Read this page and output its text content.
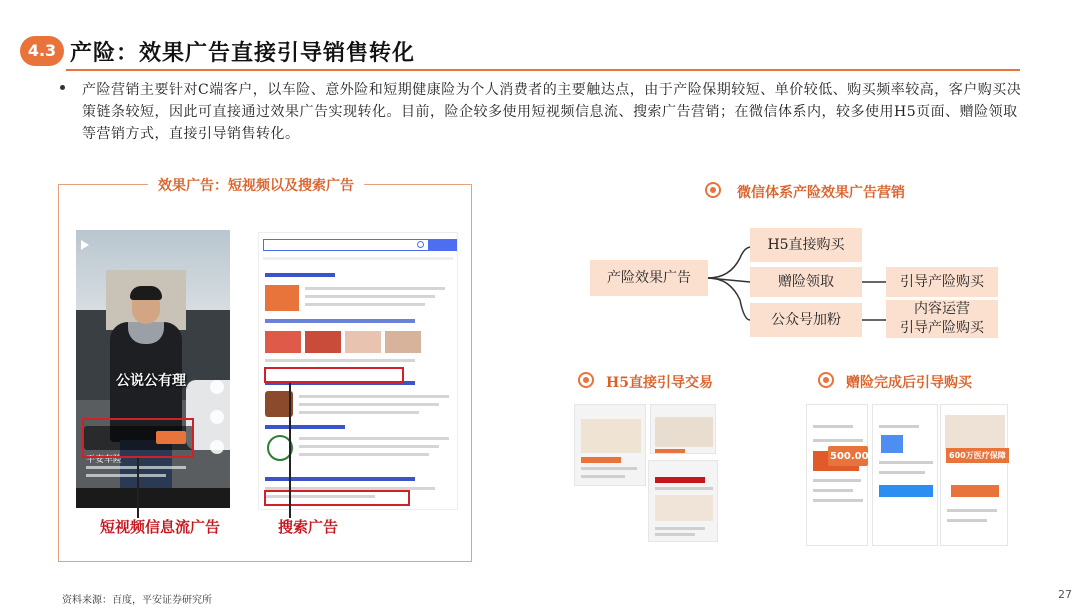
4.3 产险：效果广告直接引导销售转化
产险营销主要针对C端客户，以车险、意外险和短期健康险为个人消费者的主要触达点，由于产险保期较短、单价较低、购买频率较高，客户购买决策链条较短，因此可直接通过效果广告实现转化。目前，险企较多使用短视频信息流、搜索广告营销；在微信体系内，较多使用H5页面、赠险领取等营销方式，直接引导销售转化。
效果广告：短视频以及搜索广告
公说公有理
平安车险
短视频信息流广告	搜索广告
微信体系产险效果广告营销
产险效果广告
H5直接购买
赠险领取
公众号加粉
引导产险购买
内容运营
引导产险购买
H5直接引导交易	赠险完成后引导购买
500.00	600万医疗保障
资料来源：百度，平安证券研究所	27
